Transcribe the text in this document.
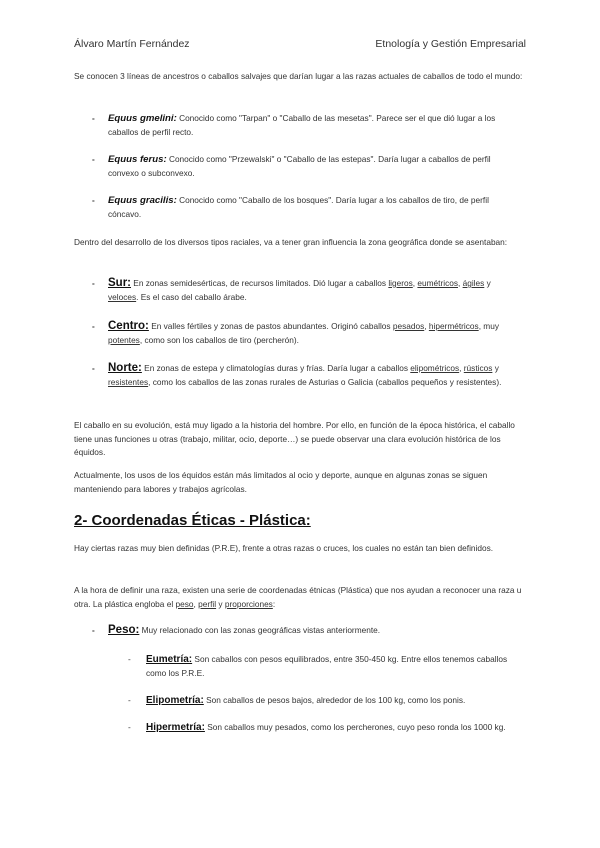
Álvaro Martín Fernández	Etnología y Gestión Empresarial
Se conocen 3 líneas de ancestros o caballos salvajes que darían lugar a las razas actuales de caballos de todo el mundo:
- Equus gmelini: Conocido como "Tarpan" o "Caballo de las mesetas". Parece ser el que dió lugar a los caballos de perfil recto.
- Equus ferus: Conocido como "Przewalski" o "Caballo de las estepas". Daría lugar a caballos de perfil convexo o subconvexo.
- Equus gracilis: Conocido como "Caballo de los bosques". Daría lugar a los caballos de tiro, de perfil cóncavo.
Dentro del desarrollo de los diversos tipos raciales, va a tener gran influencia la zona geográfica donde se asentaban:
- Sur: En zonas semidesérticas, de recursos limitados. Dió lugar a caballos ligeros, eumétricos, ágiles y veloces. Es el caso del caballo árabe.
- Centro: En valles fértiles y zonas de pastos abundantes. Originó caballos pesados, hipermétricos, muy potentes, como son los caballos de tiro (percherón).
- Norte: En zonas de estepa y climatologías duras y frías. Daría lugar a caballos elipométricos, rústicos y resistentes, como los caballos de las zonas rurales de Asturias o Galicia (caballos pequeños y resistentes).
El caballo en su evolución, está muy ligado a la historia del hombre. Por ello, en función de la época histórica, el caballo tiene unas funciones u otras (trabajo, militar, ocio, deporte…) se puede observar una clara evolución histórica de los équidos.
Actualmente, los usos de los équidos están más limitados al ocio y deporte, aunque en algunas zonas se siguen manteniendo para labores y trabajos agrícolas.
2- Coordenadas Éticas - Plástica:
Hay ciertas razas muy bien definidas (P.R.E), frente a otras razas o cruces, los cuales no están tan bien definidos.
A la hora de definir una raza, existen una serie de coordenadas étnicas (Plástica) que nos ayudan a reconocer una raza u otra. La plástica engloba el peso, perfil y proporciones:
- Peso: Muy relacionado con las zonas geográficas vistas anteriormente.
- Eumetría: Son caballos con pesos equilibrados, entre 350-450 kg. Entre ellos tenemos caballos como los P.R.E.
- Elipometría: Son caballos de pesos bajos, alrededor de los 100 kg, como los ponis.
- Hipermetría: Son caballos muy pesados, como los percherones, cuyo peso ronda los 1000 kg.
